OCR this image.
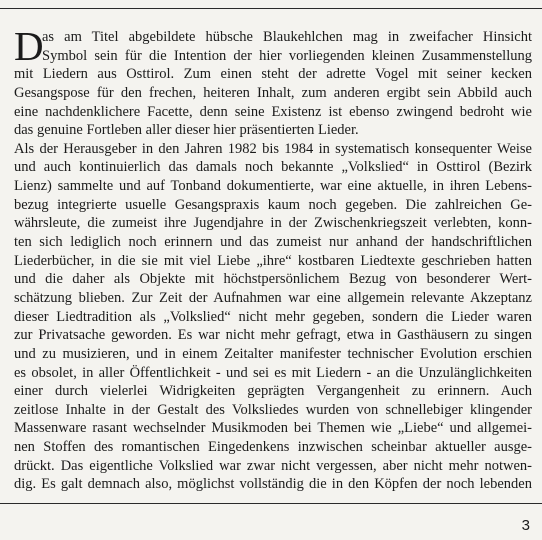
D
as am Titel abgebildete hübsche Blaukehlchen mag in zweifacher Hinsicht
Symbol sein für die Intention der hier vorliegenden kleinen Zusammenstellung
mit Liedern aus Osttirol. Zum einen steht der adrette Vogel mit seiner kecken
Gesangspose für den frechen, heiteren Inhalt, zum anderen ergibt sein Abbild auch
eine nachdenklichere Facette, denn seine Existenz ist ebenso zwingend bedroht wie
das genuine Fortleben aller dieser hier präsentierten Lieder.
Als der Herausgeber in den Jahren 1982 bis 1984 in systematisch konsequenter Weise
und auch kontinuierlich das damals noch bekannte „Volkslied“ in Osttirol (Bezirk
Lienz) sammelte und auf Tonband dokumentierte, war eine aktuelle, in ihren Lebens-
bezug integrierte usuelle Gesangspraxis kaum noch gegeben. Die zahlreichen Ge-
währsleute, die zumeist ihre Jugendjahre in der Zwischenkriegszeit verlebten, konn-
ten sich lediglich noch erinnern und das zumeist nur anhand der handschriftlichen
Liederbücher, in die sie mit viel Liebe „ihre“ kostbaren Liedtexte geschrieben hatten
und die daher als Objekte mit höchstpersönlichem Bezug von besonderer Wert-
schätzung blieben. Zur Zeit der Aufnahmen war eine allgemein relevante Akzeptanz
dieser Liedtradition als „Volkslied“ nicht mehr gegeben, sondern die Lieder waren
zur Privatsache geworden. Es war nicht mehr gefragt, etwa in Gasthäusern zu singen
und zu musizieren, und in einem Zeitalter manifester technischer Evolution erschien
es obsolet, in aller Öffentlichkeit - und sei es mit Liedern - an die Unzulänglichkeiten
einer durch vielerlei Widrigkeiten geprägten Vergangenheit zu erinnern. Auch
zeitlose Inhalte in der Gestalt des Volksliedes wurden von schnellebiger klingender
Massenware rasant wechselnder Musikmoden bei Themen wie „Liebe“ und allgemei-
nen Stoffen des romantischen Eingedenkens inzwischen scheinbar aktueller ausge-
drückt. Das eigentliche Volkslied war zwar nicht vergessen, aber nicht mehr notwen-
dig. Es galt demnach also, möglichst vollständig die in den Köpfen der noch lebenden
3
